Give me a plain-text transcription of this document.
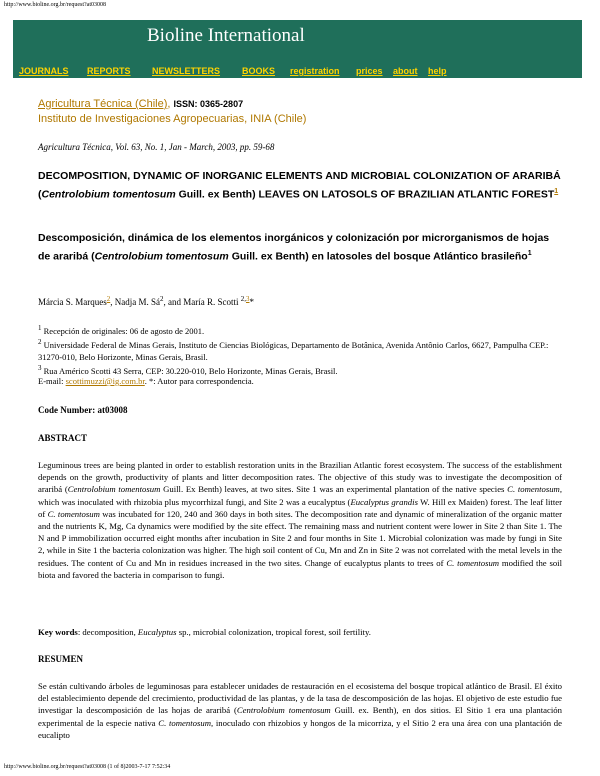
http://www.bioline.org.br/request?at03008
Bioline International
JOURNALS REPORTS NEWSLETTERS BOOKS registration prices about help
Agricultura Técnica (Chile), ISSN: 0365-2807
Instituto de Investigaciones Agropecuarias, INIA (Chile)
Agricultura Técnica, Vol. 63, No. 1, Jan - March, 2003, pp. 59-68
DECOMPOSITION, DYNAMIC OF INORGANIC ELEMENTS AND MICROBIAL COLONIZATION OF ARARIBÁ (Centrolobium tomentosum Guill. ex Benth) LEAVES ON LATOSOLS OF BRAZILIAN ATLANTIC FOREST$^1$
Descomposición, dinámica de los elementos inorgánicos y colonización por microrganismos de hojas de araribá (Centrolobium tomentosum Guill. ex Benth) en latosoles del bosque Atlántico brasileño$^1$
Márcia S. Marques$^2$, Nadja M. $Sá^2$, and María R. Scotti $^{2,3}$*
$^1$ Recepción de originales: 06 de agosto de 2001.
$^2$ Universidade Federal de Minas Gerais, Instituto de Ciencias Biológicas, Departamento de Botânica, Avenida Antônio Carlos, 6627, Pampulha CEP.: 31270-010, Belo Horizonte, Minas Gerais, Brasil.
$^3$ Rua Américo Scotti 43 Serra, CEP: 30.220-010, Belo Horizonte, Minas Gerais, Brasil.
E-mail: scottimuzzi@ig.com.br. *: Autor para correspondencia.
Code Number: at03008
ABSTRACT
Leguminous trees are being planted in order to establish restoration units in the Brazilian Atlantic forest ecosystem. The success of the establishment depends on the growth, productivity of plants and litter decomposition rates. The objective of this study was to investigate the decomposition of araribá (Centrolobium tomentosum Guill. Ex Benth) leaves, at two sites. Site 1 was an experimental plantation of the native species C. tomentosum, which was inoculated with rhizobia plus mycorrhizal fungi, and Site 2 was a eucalyptus (Eucalyptus grandis W. Hill ex Maiden) forest. The leaf litter of C. tomentosum was incubated for 120, 240 and 360 days in both sites. The decomposition rate and dynamic of mineralization of the organic matter and the nutrients K, Mg, Ca dynamics were modified by the site effect. The remaining mass and nutrient content were lower in Site 2 than Site 1. The N and P immobilization occurred eight months after incubation in Site 2 and four months in Site 1. Microbial colonization was made by fungi in Site 2, while in Site 1 the bacteria colonization was higher. The high soil content of Cu, Mn and Zn in Site 2 was not correlated with the metal levels in the residues. The content of Cu and Mn in residues increased in the two sites. Change of eucalyptus plants to trees of C. tomentosum modified the soil biota and favored the bacteria in comparison to fungi.
Key words: decomposition, Eucalyptus sp., microbial colonization, tropical forest, soil fertility.
RESUMEN
Se están cultivando árboles de leguminosas para establecer unidades de restauración en el ecosistema del bosque tropical atlántico de Brasil. El éxito del establecimiento depende del crecimiento, productividad de las plantas, y de la tasa de descomposición de las hojas. El objetivo de este estudio fue investigar la descomposición de las hojas de araribá (Centrolobium tomentosum Guill. ex. Benth), en dos sitios. El Sitio 1 era una plantación experimental de la especie nativa C. tomentosum, inoculado con rhizobios y hongos de la micorriza, y el Sitio 2 era una área con una plantación de eucalipto
http://www.bioline.org.br/request?at03008 (1 of 8)2003-7-17 7:52:34
